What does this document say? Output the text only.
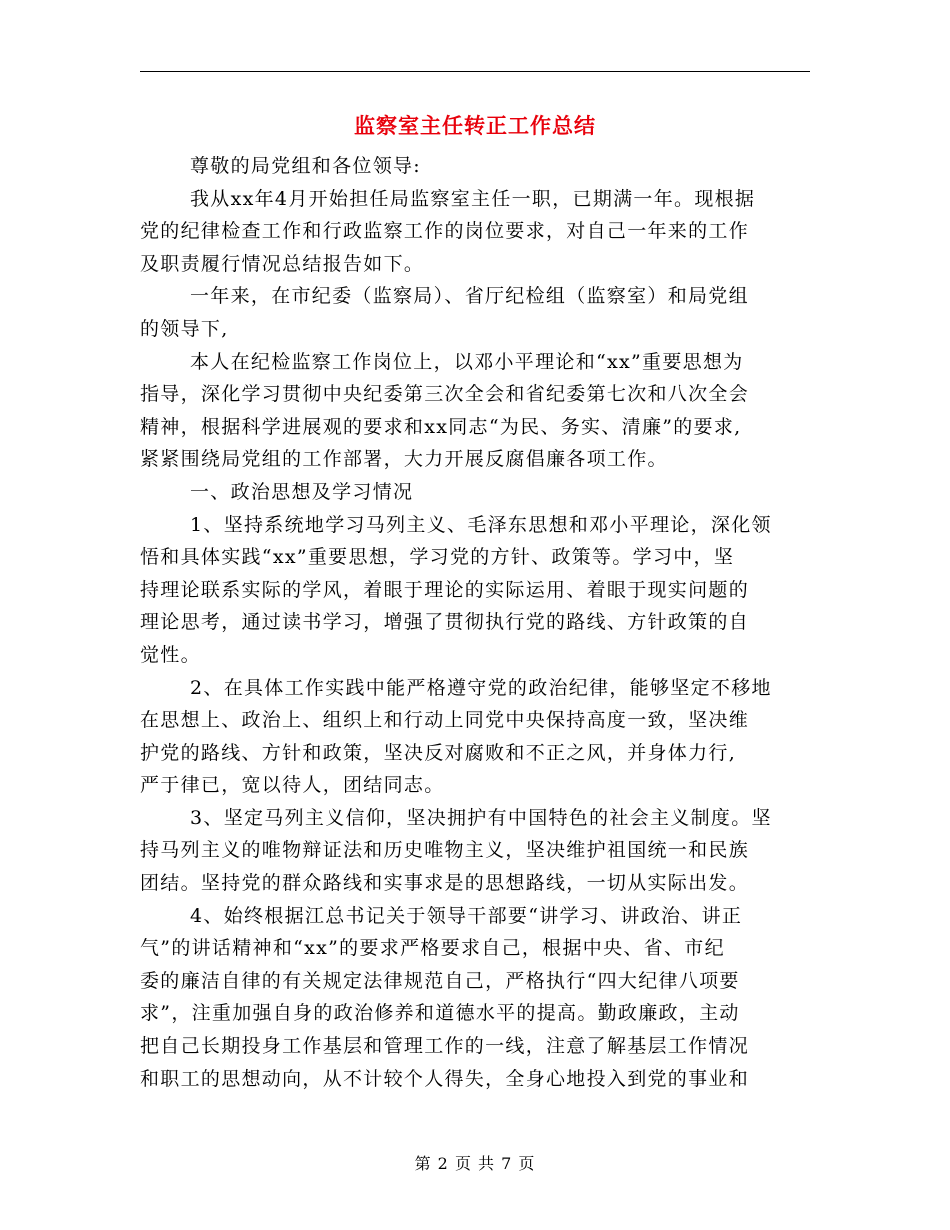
监察室主任转正工作总结

尊敬的局党组和各位领导:

我从xx年4月开始担任局监察室主任一职，已期满一年。现根据
党的纪律检查工作和行政监察工作的岗位要求，对自己一年来的工作
及职责履行情况总结报告如下。

一年来，在市纪委（监察局）、省厅纪检组（监察室）和局党组
的领导下,

本人在纪检监察工作岗位上，以邓小平理论和“xx”重要思想为
指导，深化学习贯彻中央纪委第三次全会和省纪委第七次和八次全会
精神，根据科学进展观的要求和xx同志“为民、务实、清廉”的要求,
紧紧围绕局党组的工作部署，大力开展反腐倡廉各项工作。

一、政治思想及学习情况

1、坚持系统地学习马列主义、毛泽东思想和邓小平理论，深化领
悟和具体实践“xx”重要思想，学习党的方针、政策等。学习中，坚
持理论联系实际的学风，着眼于理论的实际运用、着眼于现实问题的
理论思考，通过读书学习，增强了贯彻执行党的路线、方针政策的自
觉性。

2、在具体工作实践中能严格遵守党的政治纪律，能够坚定不移地
在思想上、政治上、组织上和行动上同党中央保持高度一致，坚决维
护党的路线、方针和政策，坚决反对腐败和不正之风，并身体力行,
严于律已，宽以待人，团结同志。

3、坚定马列主义信仰，坚决拥护有中国特色的社会主义制度。坚
持马列主义的唯物辩证法和历史唯物主义，坚决维护祖国统一和民族
团结。坚持党的群众路线和实事求是的思想路线，一切从实际出发。

4、始终根据江总书记关于领导干部要“讲学习、讲政治、讲正
气”的讲话精神和“xx”的要求严格要求自己，根据中央、省、市纪
委的廉洁自律的有关规定法律规范自己，严格执行“四大纪律八项要
求”，注重加强自身的政治修养和道德水平的提高。勤政廉政，主动
把自己长期投身工作基层和管理工作的一线，注意了解基层工作情况
和职工的思想动向，从不计较个人得失，全身心地投入到党的事业和

第 2 页 共 7 页
